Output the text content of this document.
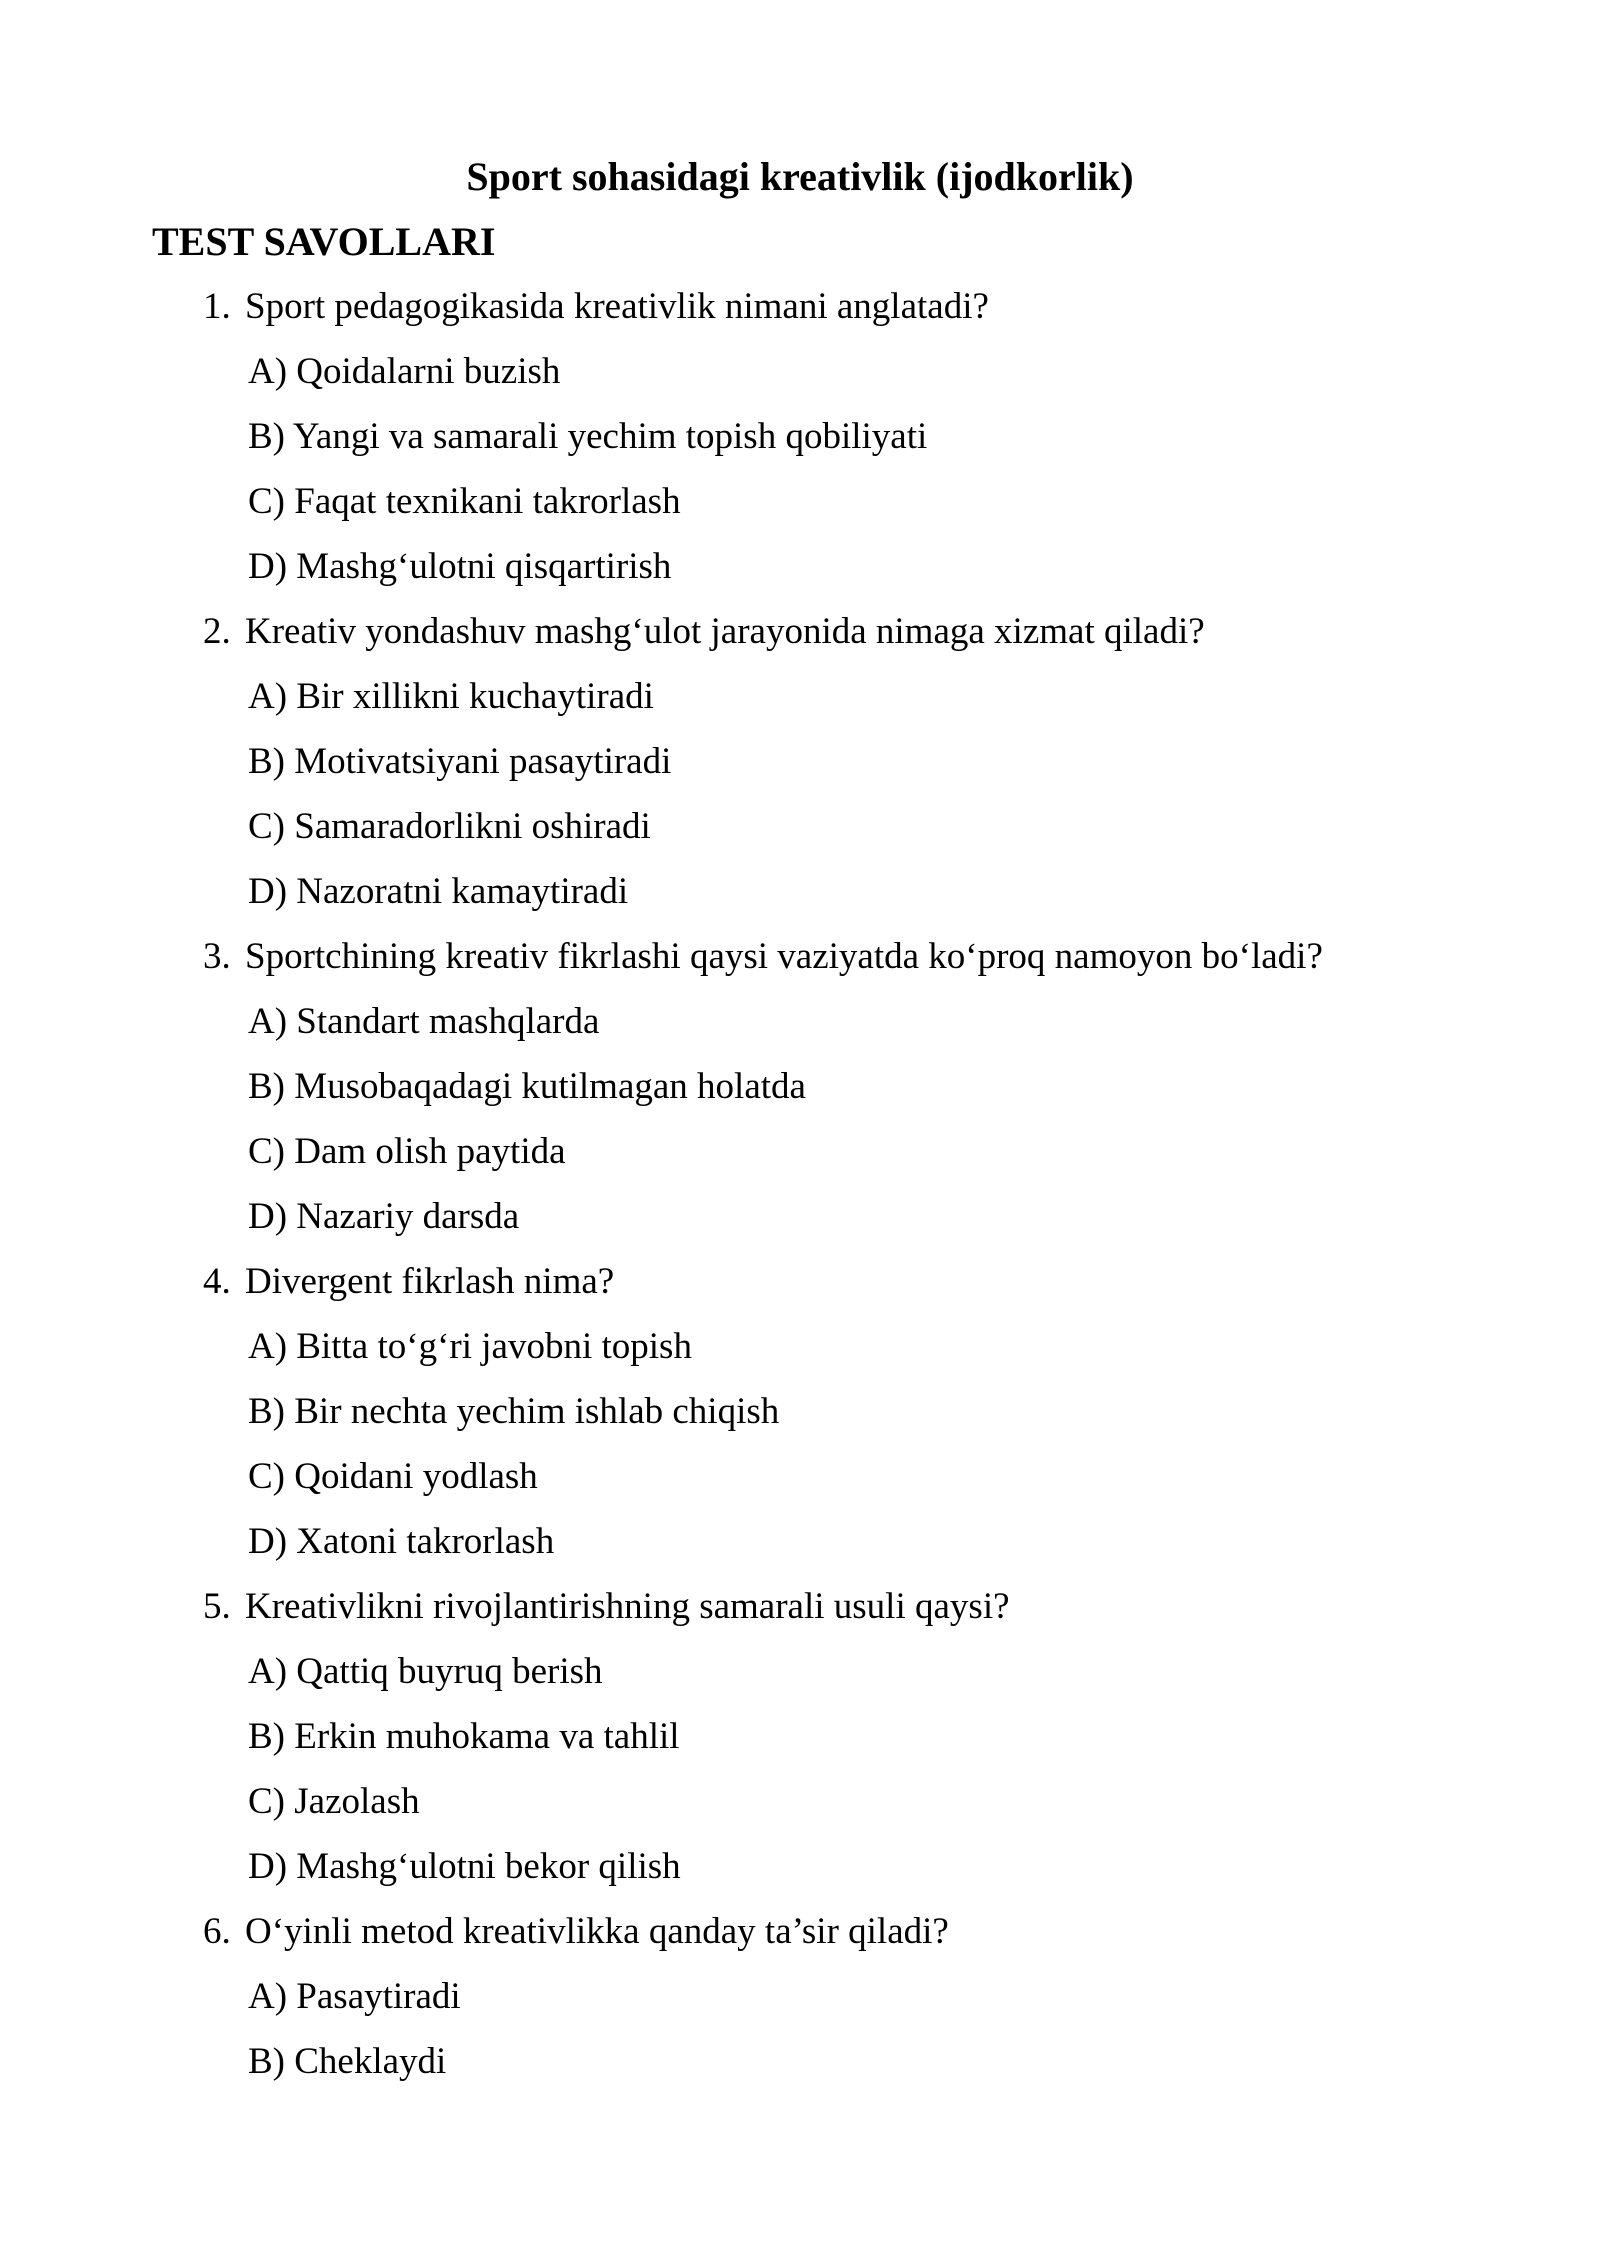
Sport sohasidagi kreativlik (ijodkorlik)
TEST SAVOLLARI
1. Sport pedagogikasida kreativlik nimani anglatadi?
A) Qoidalarni buzish
B) Yangi va samarali yechim topish qobiliyati
C) Faqat texnikani takrorlash
D) Mashgʻulotni qisqartirish
2. Kreativ yondashuv mashgʻulot jarayonida nimaga xizmat qiladi?
A) Bir xillikni kuchaytiradi
B) Motivatsiyani pasaytiradi
C) Samaradorlikni oshiradi
D) Nazoratni kamaytiradi
3. Sportchining kreativ fikrlashi qaysi vaziyatda koʻproq namoyon boʻladi?
A) Standart mashqlarda
B) Musobaqadagi kutilmagan holatda
C) Dam olish paytida
D) Nazariy darsda
4. Divergent fikrlash nima?
A) Bitta toʻgʻri javobni topish
B) Bir nechta yechim ishlab chiqish
C) Qoidani yodlash
D) Xatoni takrorlash
5. Kreativlikni rivojlantirishning samarali usuli qaysi?
A) Qattiq buyruq berish
B) Erkin muhokama va tahlil
C) Jazolash
D) Mashgʻulotni bekor qilish
6. Oʻyinli metod kreativlikka qanday ta’sir qiladi?
A) Pasaytiradi
B) Cheklaydi
